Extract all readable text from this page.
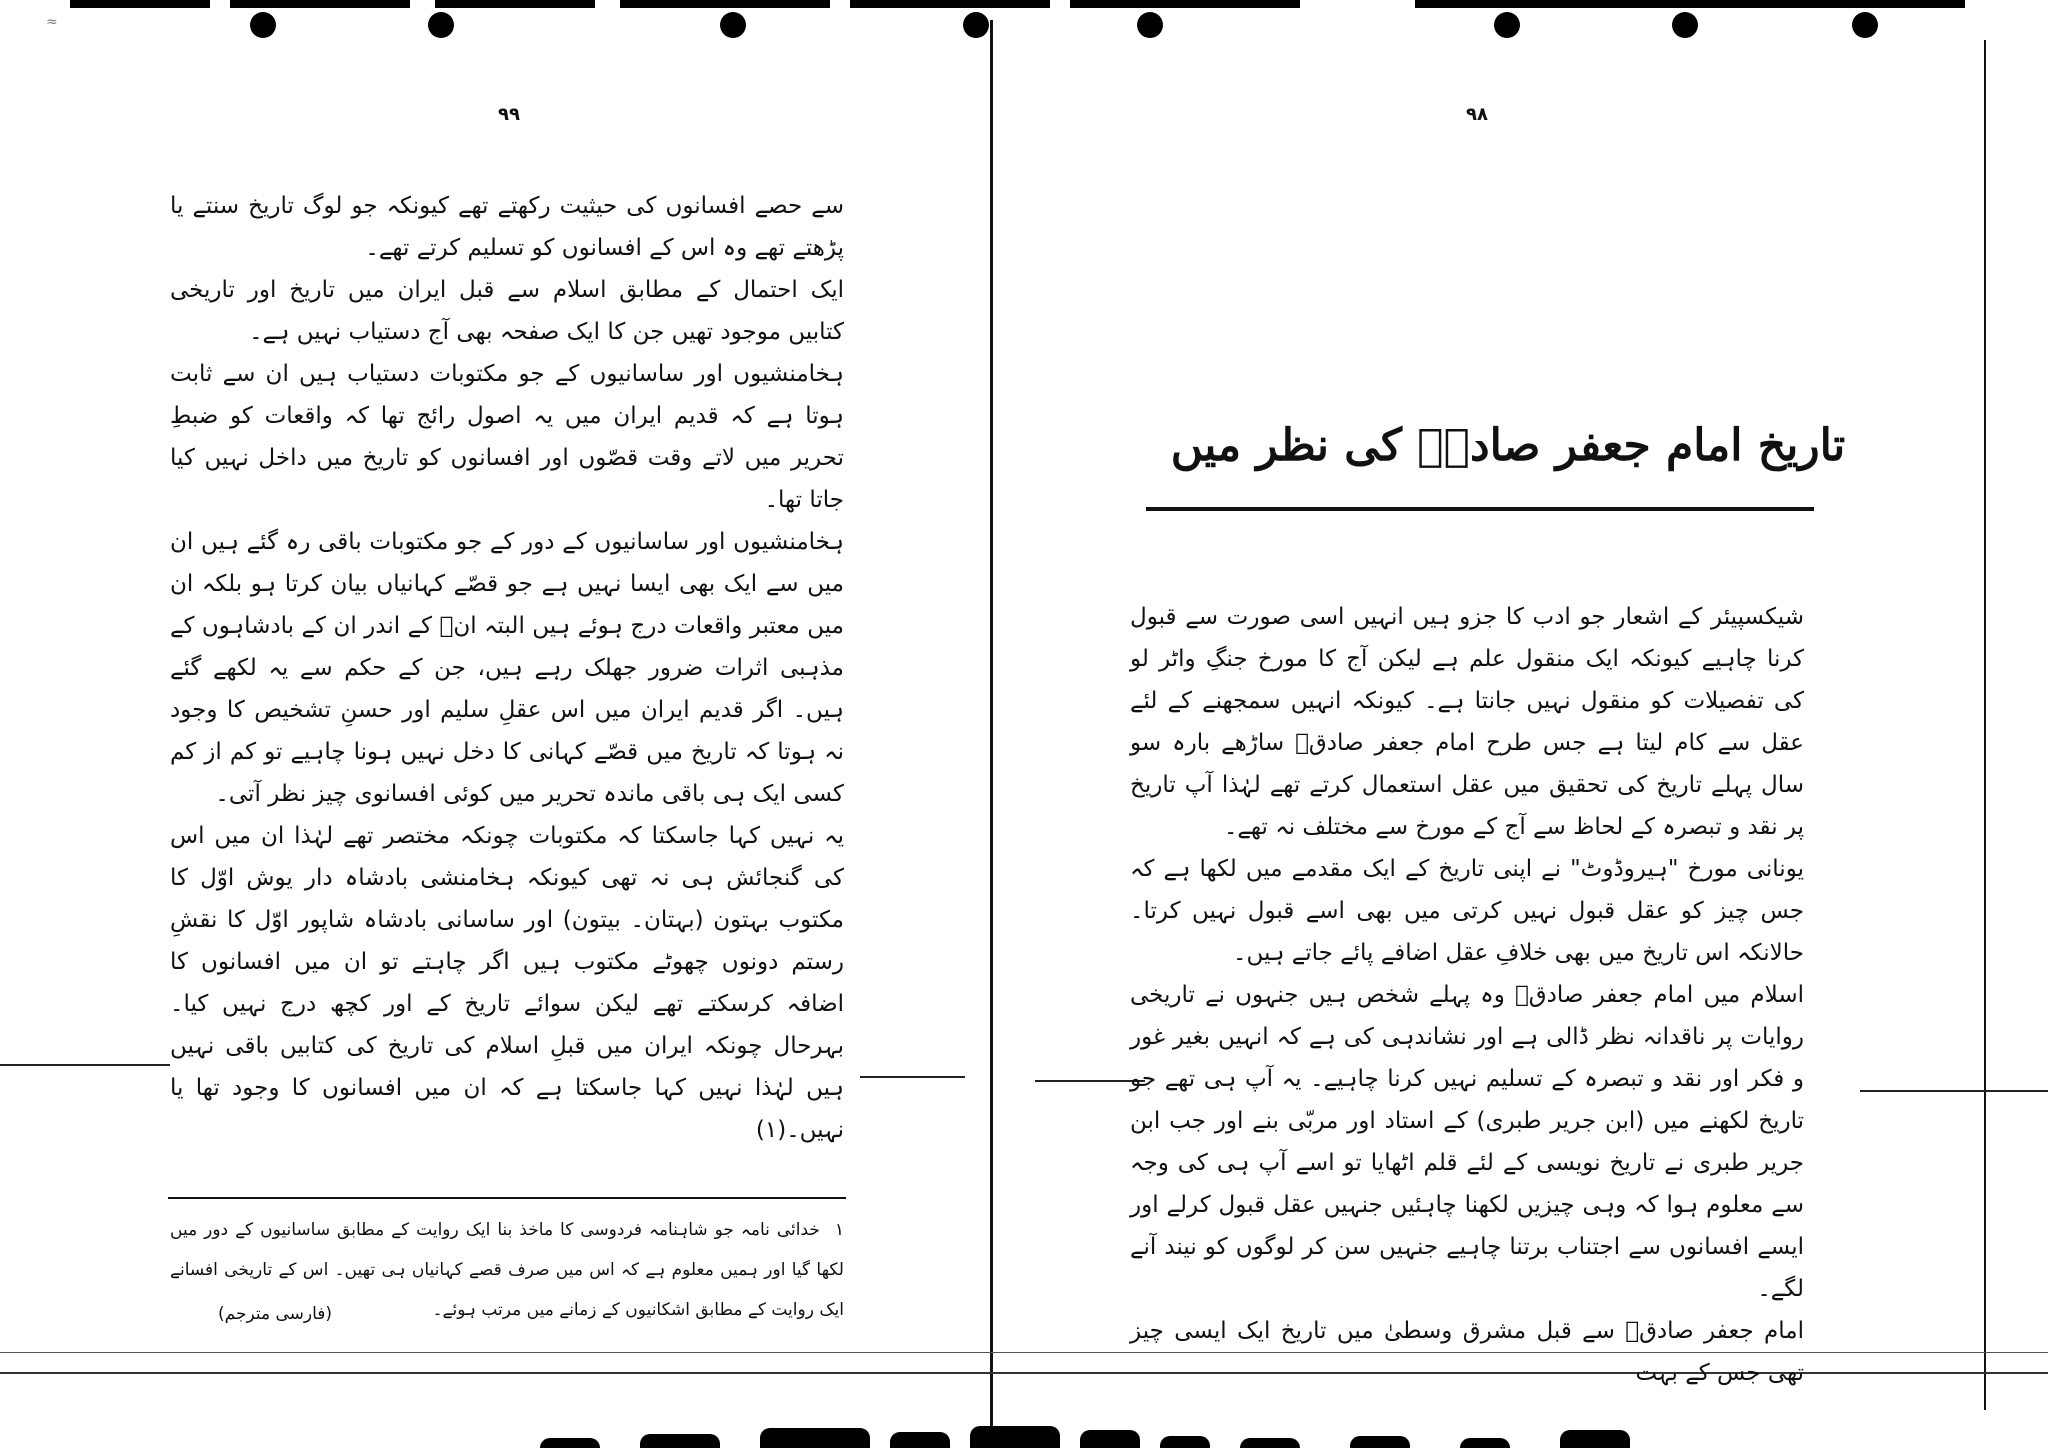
≈
۹۹

سے حصے افسانوں کی حیثیت رکھتے تھے کیونکہ جو لوگ تاریخ سنتے یا پڑھتے تھے وہ اس کے افسانوں کو تسلیم کرتے تھے۔

ایک احتمال کے مطابق اسلام سے قبل ایران میں تاریخ اور تاریخی کتابیں موجود تھیں جن کا ایک صفحہ بھی آج دستیاب نہیں ہے۔

ہخامنشیوں اور ساسانیوں کے جو مکتوبات دستیاب ہیں ان سے ثابت ہوتا ہے کہ قدیم ایران میں یہ اصول رائج تھا کہ واقعات کو ضبطِ تحریر میں لاتے وقت قصّوں اور افسانوں کو تاریخ میں داخل نہیں کیا جاتا تھا۔

ہخامنشیوں اور ساسانیوں کے دور کے جو مکتوبات باقی رہ گئے ہیں ان میں سے ایک بھی ایسا نہیں ہے جو قصّے کہانیاں بیان کرتا ہو بلکہ ان میں معتبر واقعات درج ہوئے ہیں البتہ انؐ کے اندر ان کے بادشاہوں کے مذہبی اثرات ضرور جھلک رہے ہیں، جن کے حکم سے یہ لکھے گئے ہیں۔ اگر قدیم ایران میں اس عقلِ سلیم اور حسنِ تشخیص کا وجود نہ ہوتا کہ تاریخ میں قصّے کہانی کا دخل نہیں ہونا چاہیے تو کم از کم کسی ایک ہی باقی ماندہ تحریر میں کوئی افسانوی چیز نظر آتی۔

یہ نہیں کہا جاسکتا کہ مکتوبات چونکہ مختصر تھے لہٰذا ان میں اس کی گنجائش ہی نہ تھی کیونکہ ہخامنشی بادشاہ دار یوش اوّل کا مکتوب بہتون (بہتان۔ بیتون) اور ساسانی بادشاہ شاپور اوّل کا نقشِ رستم دونوں چھوٹے مکتوب ہیں اگر چاہتے تو ان میں افسانوں کا اضافہ کرسکتے تھے لیکن سوائے تاریخ کے اور کچھ درج نہیں کیا۔ بہرحال چونکہ ایران میں قبلِ اسلام کی تاریخ کی کتابیں باقی نہیں ہیں لہٰذا نہیں کہا جاسکتا ہے کہ ان میں افسانوں کا وجود تھا یا نہیں۔(۱)

۱ خدائی نامہ جو شاہنامہ فردوسی کا ماخذ بنا ایک روایت کے مطابق ساسانیوں کے دور میں لکھا گیا اور ہمیں معلوم ہے کہ اس میں صرف قصے کہانیاں ہی تھیں۔ اس کے تاریخی افسانے ایک روایت کے مطابق اشکانیوں کے زمانے میں مرتب ہوئے۔
(فارسی مترجم)
۹۸
تاریخ امام جعفر صادقؑ کی نظر میں

شیکسپیئر کے اشعار جو ادب کا جزو ہیں انہیں اسی صورت سے قبول کرنا چاہیے کیونکہ ایک منقول علم ہے لیکن آج کا مورخ جنگِ واٹر لو کی تفصیلات کو منقول نہیں جانتا ہے۔ کیونکہ انہیں سمجھنے کے لئے عقل سے کام لیتا ہے جس طرح امام جعفر صادقؑ ساڑھے بارہ سو سال پہلے تاریخ کی تحقیق میں عقل استعمال کرتے تھے لہٰذا آپ تاریخ پر نقد و تبصرہ کے لحاظ سے آج کے مورخ سے مختلف نہ تھے۔

یونانی مورخ "ہیروڈوٹ" نے اپنی تاریخ کے ایک مقدمے میں لکھا ہے کہ جس چیز کو عقل قبول نہیں کرتی میں بھی اسے قبول نہیں کرتا۔ حالانکہ اس تاریخ میں بھی خلافِ عقل اضافے پائے جاتے ہیں۔

اسلام میں امام جعفر صادقؑ وہ پہلے شخص ہیں جنہوں نے تاریخی روایات پر ناقدانہ نظر ڈالی ہے اور نشاندہی کی ہے کہ انہیں بغیر غور و فکر اور نقد و تبصرہ کے تسلیم نہیں کرنا چاہیے۔ یہ آپ ہی تھے جو تاریخ لکھنے میں (ابن جریر طبری) کے استاد اور مربّی بنے اور جب ابن جریر طبری نے تاریخ نویسی کے لئے قلم اٹھایا تو اسے آپ ہی کی وجہ سے معلوم ہوا کہ وہی چیزیں لکھنا چاہئیں جنہیں عقل قبول کرلے اور ایسے افسانوں سے اجتناب برتنا چاہیے جنہیں سن کر لوگوں کو نیند آنے لگے۔

امام جعفر صادقؑ سے قبل مشرق وسطیٰ میں تاریخ ایک ایسی چیز تھی جس کے بہت
